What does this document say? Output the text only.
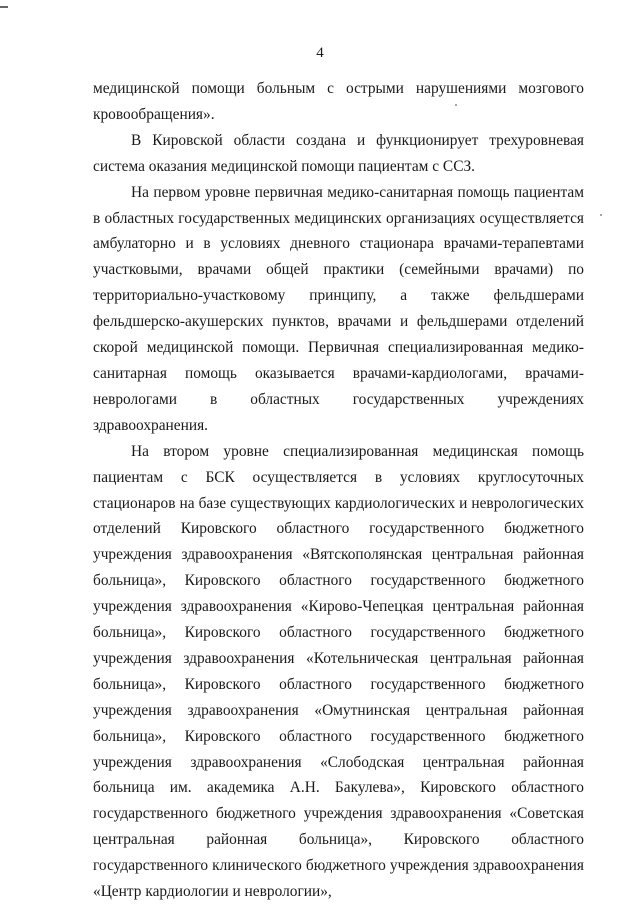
4

медицинской помощи больным с острыми нарушениями мозгового кровообращения».

В Кировской области создана и функционирует трехуровневая система оказания медицинской помощи пациентам с ССЗ.

На первом уровне первичная медико-санитарная помощь пациентам в областных государственных медицинских организациях осуществляется амбулаторно и в условиях дневного стационара врачами-терапевтами участковыми, врачами общей практики (семейными врачами) по территориально-участковому принципу, а также фельдшерами фельдшерско-акушерских пунктов, врачами и фельдшерами отделений скорой медицинской помощи. Первичная специализированная медико-санитарная помощь оказывается врачами-кардиологами, врачами-неврологами в областных государственных учреждениях здравоохранения.

На втором уровне специализированная медицинская помощь пациентам с БСК осуществляется в условиях круглосуточных стационаров на базе существующих кардиологических и неврологических отделений Кировского областного государственного бюджетного учреждения здравоохранения «Вятскополянская центральная районная больница», Кировского областного государственного бюджетного учреждения здравоохранения «Кирово-Чепецкая центральная районная больница», Кировского областного государственного бюджетного учреждения здравоохранения «Котельническая центральная районная больница», Кировского областного государственного бюджетного учреждения здравоохранения «Омутнинская центральная районная больница», Кировского областного государственного бюджетного учреждения здравоохранения «Слободская центральная районная больница им. академика А.Н. Бакулева», Кировского областного государственного бюджетного учреждения здравоохранения «Советская центральная районная больница», Кировского областного государственного клинического бюджетного учреждения здравоохранения «Центр кардиологии и неврологии»,
